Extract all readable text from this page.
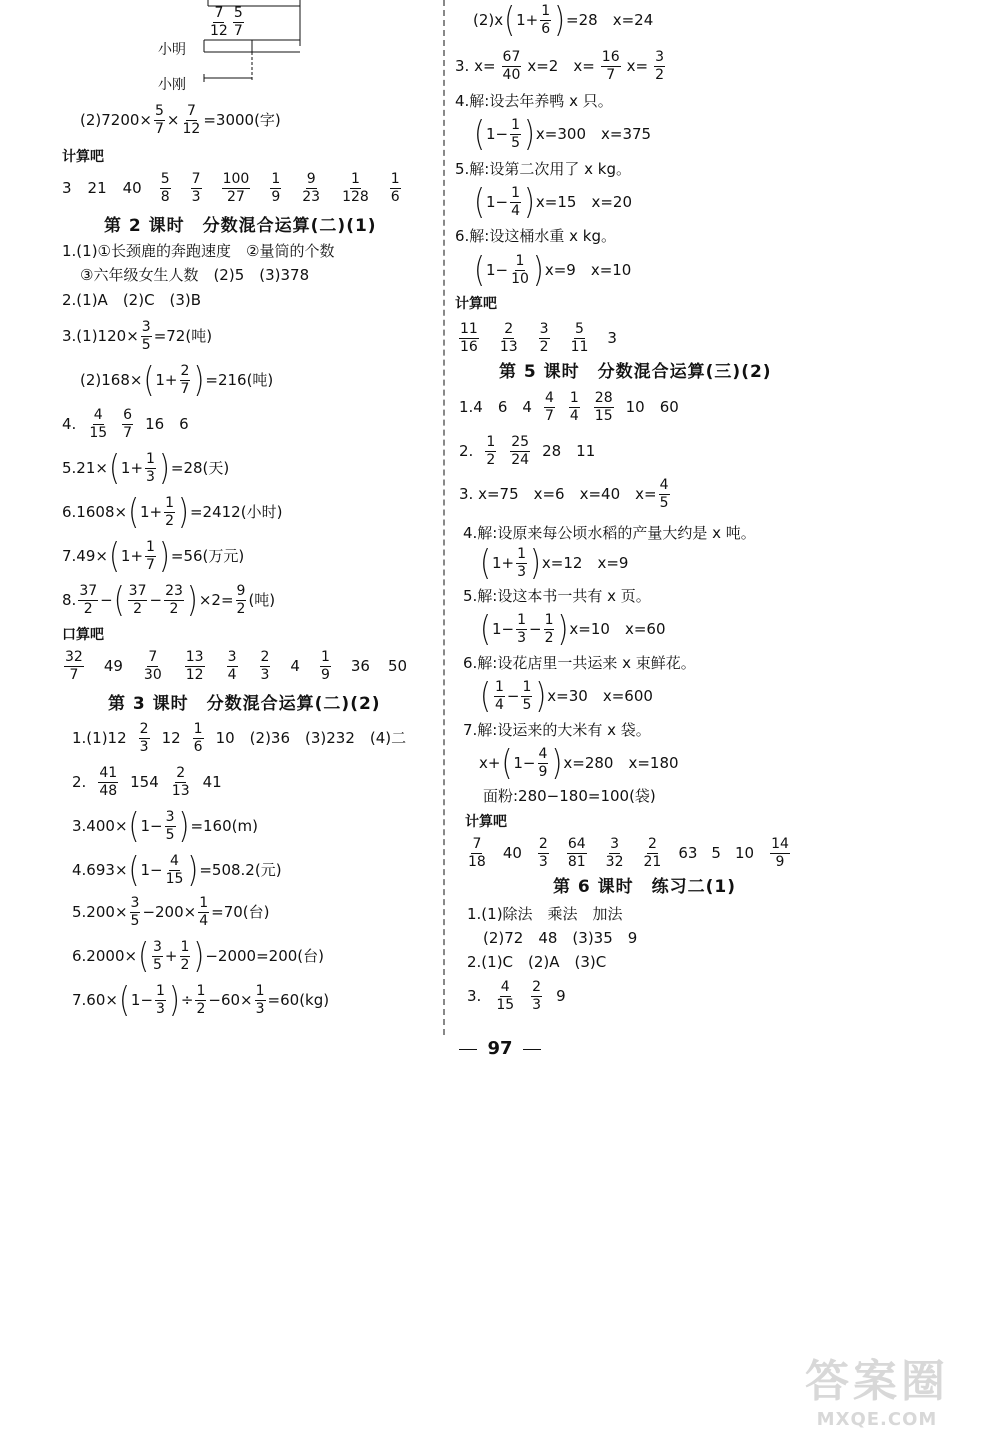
$\frac{7}{12} \frac{5}{7}$
小明
小刚
$(2)7200\times \frac{5}{7} \times \frac{7}{12} =3000$(字)
计算吧
3 21 $40 \frac{5}{8} \frac{7}{3} \frac{100}{27} \frac{1}{9} \frac{9}{23} \frac{1}{128} \frac{1}{6}$
第 2 课时　分数混合运算(二)(1)
1.(1)①长颈鹿的奔跑速度　②量筒的个数
③六年级女生人数　(2)5　(3)378
2.(1)A　(2)C　(3)B
$3.(1)120\times \frac{3}{5} =72$(吨)
(2)168× ( $1+ \frac{2}{7}$ ) =216(吨)
4. $\frac{4}{15} \frac{6}{7} 16$　6
5.21× ( $1+ \frac{1}{3}$ ) =28(天)
6.1608× ( $1+ \frac{1}{2}$ ) =2412(小时)
7.49× ( $1+ \frac{1}{7}$ ) =56(万元)
8. $\frac{37}{2}$ − ( $\frac{37}{2} - \frac{23}{2}$ ) $\times 2= \frac{9}{2}$ (吨)
口算吧
$\frac{32}{7} 49 \frac{7}{30} \frac{13}{12} \frac{3}{4} \frac{2}{3} 4 \frac{1}{9} 36$ 50
第 3 课时　分数混合运算(二)(2)
$1.(1)12 \frac{2}{3} 12 \frac{1}{6} 10$　(2)36　(3)232　(4)二
2. $\frac{41}{48} 154 \frac{2}{13} 41$
3.400× ( $1- \frac{3}{5}$ ) =160(m)
4.693× ( $1- \frac{4}{15}$ ) =508.2(元)
$5.200\times \frac{3}{5} -200\times \frac{1}{4} =70$(台)
6.2000× ( $\frac{3}{5} + \frac{1}{2}$ ) −2000=200(台)
7.60× ( $1- \frac{1}{3}$ ) ÷ $\frac{1}{2} -60\times \frac{1}{3} =60(kg)$
(2)x ( $1+ \frac{1}{6}$ ) =28　x=24
3. $x= \frac{67}{40} x=2$　$x= \frac{16}{7} x= \frac{3}{2}$
4.解:设去年养鸭 x 只。
( $1- \frac{1}{5}$ ) x=300　x=375
5.解:设第二次用了 x kg。
( $1- \frac{1}{4}$ ) x=15　x=20
6.解:设这桶水重 x kg。
( $1- \frac{1}{10}$ ) x=9　x=10
计算吧
$\frac{11}{16} \frac{2}{13} \frac{3}{2} \frac{5}{11} 3$
第 5 课时　分数混合运算(三)(2)
1.4　6　$4 \frac{4}{7} \frac{1}{4} \frac{28}{15} 10$　60
2. $\frac{1}{2} \frac{25}{24} 28$　11
3. x=75　x=6　x=40　$x= \frac{4}{5}$
4.解:设原来每公顷水稻的产量大约是 x 吨。
( $1+ \frac{1}{3}$ ) x=12　x=9
5.解:设这本书一共有 x 页。
( $1- \frac{1}{3} - \frac{1}{2}$ ) x=10　x=60
6.解:设花店里一共运来 x 束鲜花。
( $\frac{1}{4} - \frac{1}{5}$ ) x=30　x=600
7.解:设运来的大米有 x 袋。
x+ ( $1- \frac{4}{9}$ ) x=280　x=180
面粉:280−180=100(袋)
计算吧
$\frac{7}{18} 40 \frac{2}{3} \frac{64}{81} \frac{3}{32} \frac{2}{21} 63$ 5 $10 \frac{14}{9}$
第 6 课时　练习二(1)
1.(1)除法　乘法　加法
(2)72　48　(3)35　9
2.(1)C　(2)A　(3)C
3. $\frac{4}{15} \frac{2}{3} 9$
97
答案圈
MXQE.COM
